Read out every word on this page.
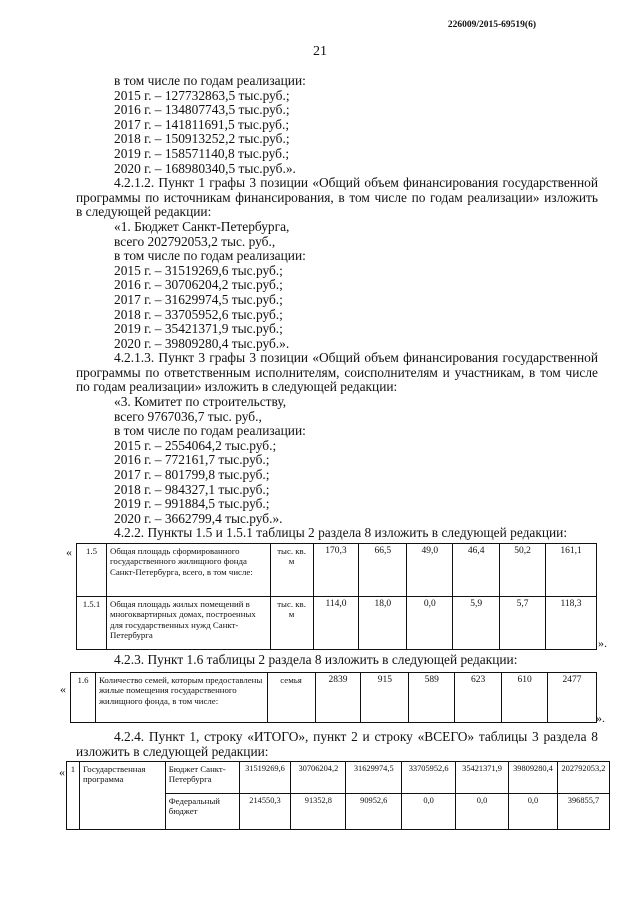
226009/2015-69519(6)
21
в том числе по годам реализации:
2015 г. – 127732863,5 тыс.руб.;
2016 г. – 134807743,5 тыс.руб.;
2017 г. – 141811691,5 тыс.руб.;
2018 г. – 150913252,2 тыс.руб.;
2019 г. – 158571140,8 тыс.руб.;
2020 г. – 168980340,5 тыс.руб.».
4.2.1.2. Пункт 1 графы 3 позиции «Общий объем финансирования государственной
программы по источникам финансирования, в том числе по годам реализации» изложить
в следующей редакции:
«1. Бюджет Санкт-Петербурга,
всего 202792053,2 тыс. руб.,
в том числе по годам реализации:
2015 г. – 31519269,6 тыс.руб.;
2016 г. – 30706204,2 тыс.руб.;
2017 г. – 31629974,5 тыс.руб.;
2018 г. – 33705952,6 тыс.руб.;
2019 г. – 35421371,9 тыс.руб.;
2020 г. – 39809280,4 тыс.руб.».
4.2.1.3. Пункт 3 графы 3 позиции «Общий объем финансирования государственной
программы по ответственным исполнителям, соисполнителям и участникам, в том числе
по годам реализации» изложить в следующей редакции:
«3. Комитет по строительству,
всего 9767036,7 тыс. руб.,
в том числе по годам реализации:
2015 г. – 2554064,2 тыс.руб.;
2016 г. – 772161,7 тыс.руб.;
2017 г. – 801799,8 тыс.руб.;
2018 г. – 984327,1 тыс.руб.;
2019 г. – 991884,5 тыс.руб.;
2020 г. – 3662799,4 тыс.руб.».
4.2.2. Пункты 1.5 и 1.5.1 таблицы 2 раздела 8 изложить в следующей редакции:
« 1.5	Общая площадь сформированного государственного жилищного фонда Санкт-Петербурга, всего, в том числе:	тыс. кв. м	170,3	66,5	49,0	46,4	50,2	161,1
1.5.1	Общая площадь жилых помещений в многоквартирных домах, построенных для государственных нужд Санкт-Петербурга	тыс. кв. м	114,0	18,0	0,0	5,9	5,7	118,3
».
4.2.3. Пункт 1.6 таблицы 2 раздела 8 изложить в следующей редакции:
«
1.6	Количество семей, которым предоставлены жилые помещения государственного жилищного фонда, в том числе:	семья	2839	915	589	623	610	2477
».
4.2.4. Пункт 1, строку «ИТОГО», пункт 2 и строку «ВСЕГО» таблицы 3 раздела 8
изложить в следующей редакции:
« 1	Государственная программа	Бюджет Санкт-Петербурга	31519269,6	30706204,2	31629974,5	33705952,6	35421371,9	39809280,4	202792053,2
		Федеральный бюджет	214550,3	91352,8	90952,6	0,0	0,0	0,0	396855,7
